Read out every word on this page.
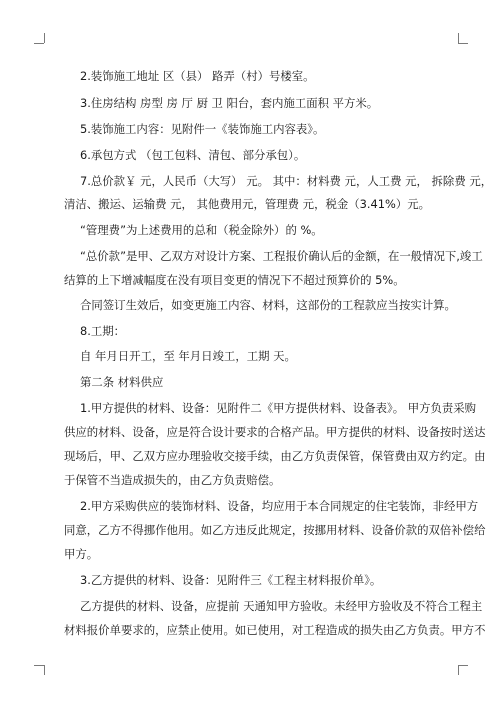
2.装饰施工地址 区（县） 路弄（村）号楼室。
3.住房结构 房型 房 厅 厨 卫 阳台，套内施工面积 平方米。
5.装饰施工内容：见附件一《装饰施工内容表》。
6.承包方式 （包工包料、清包、部分承包）。
7.总价款￥ 元，人民币（大写） 元。 其中：材料费 元，人工费 元， 拆除费 元，
清洁、搬运、运输费 元， 其他费用元，管理费 元，税金（3.41%）元。
“管理费”为上述费用的总和（税金除外）的 %。
“总价款”是甲、乙双方对设计方案、工程报价确认后的金额，在一般情况下,竣工
结算的上下增减幅度在没有项目变更的情况下不超过预算价的 5%。
合同签订生效后，如变更施工内容、材料，这部份的工程款应当按实计算。
8.工期：
自 年月日开工，至 年月日竣工，工期 天。
第二条 材料供应
1.甲方提供的材料、设备：见附件二《甲方提供材料、设备表》。 甲方负责采购
供应的材料、设备，应是符合设计要求的合格产品。甲方提供的材料、设备按时送达
现场后，甲、乙双方应办理验收交接手续，由乙方负责保管，保管费由双方约定。由
于保管不当造成损失的，由乙方负责赔偿。
2.甲方采购供应的装饰材料、设备，均应用于本合同规定的住宅装饰，非经甲方
同意，乙方不得挪作他用。如乙方违反此规定，按挪用材料、设备价款的双倍补偿给
甲方。
3.乙方提供的材料、设备：见附件三《工程主材料报价单》。
乙方提供的材料、设备，应提前 天通知甲方验收。未经甲方验收及不符合工程主
材料报价单要求的，应禁止使用。如已使用，对工程造成的损失由乙方负责。甲方不
